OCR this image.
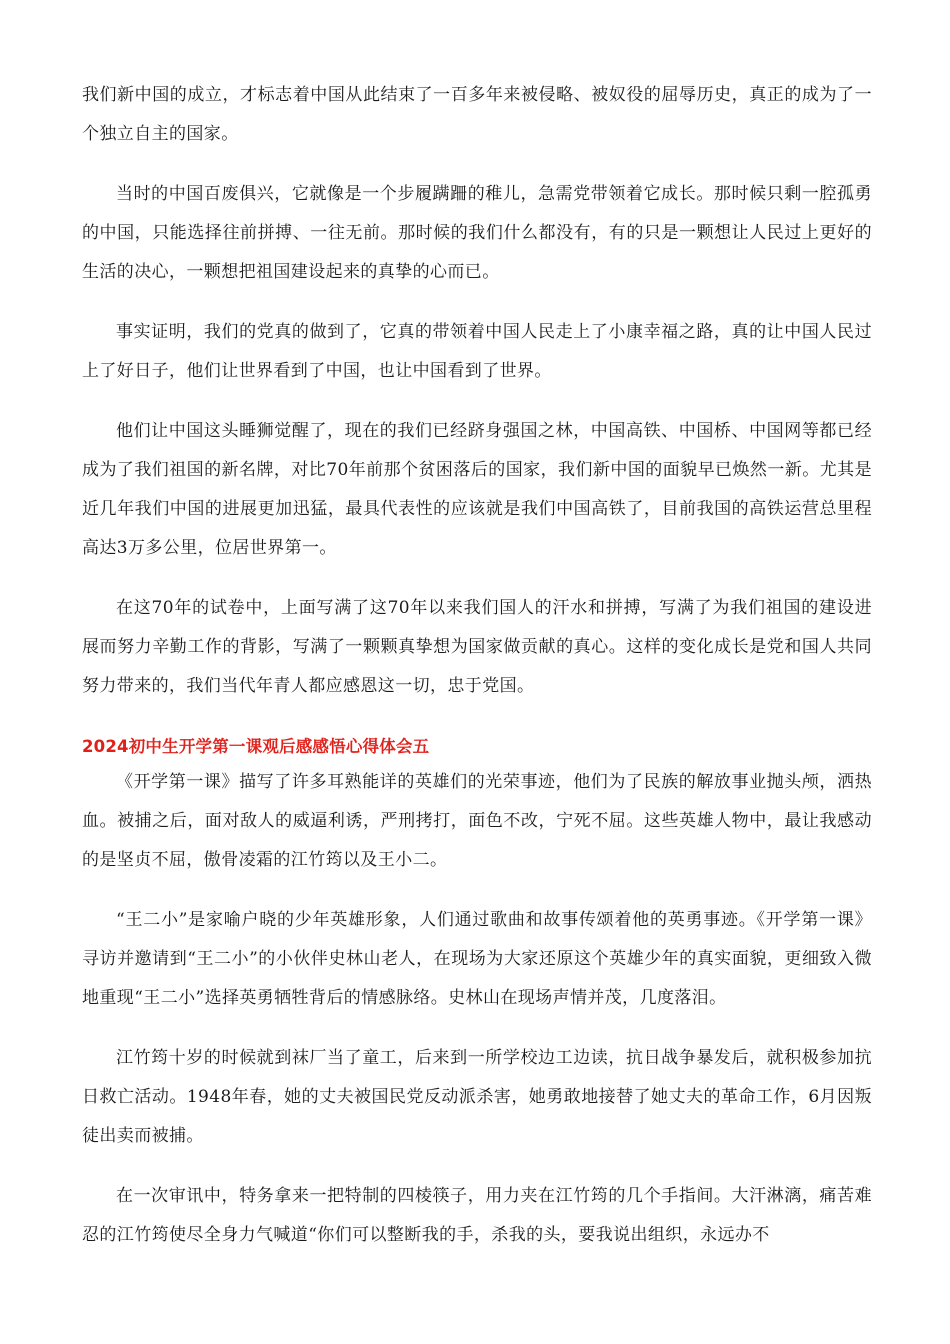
我们新中国的成立，才标志着中国从此结束了一百多年来被侵略、被奴役的屈辱历史，真正的成为了一个独立自主的国家。

当时的中国百废俱兴，它就像是一个步履蹒跚的稚儿，急需党带领着它成长。那时候只剩一腔孤勇的中国，只能选择往前拼搏、一往无前。那时候的我们什么都没有，有的只是一颗想让人民过上更好的生活的决心，一颗想把祖国建设起来的真挚的心而已。

事实证明，我们的党真的做到了，它真的带领着中国人民走上了小康幸福之路，真的让中国人民过上了好日子，他们让世界看到了中国，也让中国看到了世界。

他们让中国这头睡狮觉醒了，现在的我们已经跻身强国之林，中国高铁、中国桥、中国网等都已经成为了我们祖国的新名牌，对比70年前那个贫困落后的国家，我们新中国的面貌早已焕然一新。尤其是近几年我们中国的进展更加迅猛，最具代表性的应该就是我们中国高铁了，目前我国的高铁运营总里程高达3万多公里，位居世界第一。

在这70年的试卷中，上面写满了这70年以来我们国人的汗水和拼搏，写满了为我们祖国的建设进展而努力辛勤工作的背影，写满了一颗颗真挚想为国家做贡献的真心。这样的变化成长是党和国人共同努力带来的，我们当代年青人都应感恩这一切，忠于党国。

2024初中生开学第一课观后感感悟心得体会五

《开学第一课》描写了许多耳熟能详的英雄们的光荣事迹，他们为了民族的解放事业抛头颅，洒热血。被捕之后，面对敌人的威逼利诱，严刑拷打，面色不改，宁死不屈。这些英雄人物中，最让我感动的是坚贞不屈，傲骨凌霜的江竹筠以及王小二。

“王二小”是家喻户晓的少年英雄形象，人们通过歌曲和故事传颂着他的英勇事迹。《开学第一课》寻访并邀请到“王二小”的小伙伴史林山老人，在现场为大家还原这个英雄少年的真实面貌，更细致入微地重现“王二小”选择英勇牺牲背后的情感脉络。史林山在现场声情并茂，几度落泪。

江竹筠十岁的时候就到袜厂当了童工，后来到一所学校边工边读，抗日战争暴发后，就积极参加抗日救亡活动。1948年春，她的丈夫被国民党反动派杀害，她勇敢地接替了她丈夫的革命工作，6月因叛徒出卖而被捕。

在一次审讯中，特务拿来一把特制的四棱筷子，用力夹在江竹筠的几个手指间。大汗淋漓，痛苦难忍的江竹筠使尽全身力气喊道“你们可以整断我的手，杀我的头，要我说出组织，永远办不
